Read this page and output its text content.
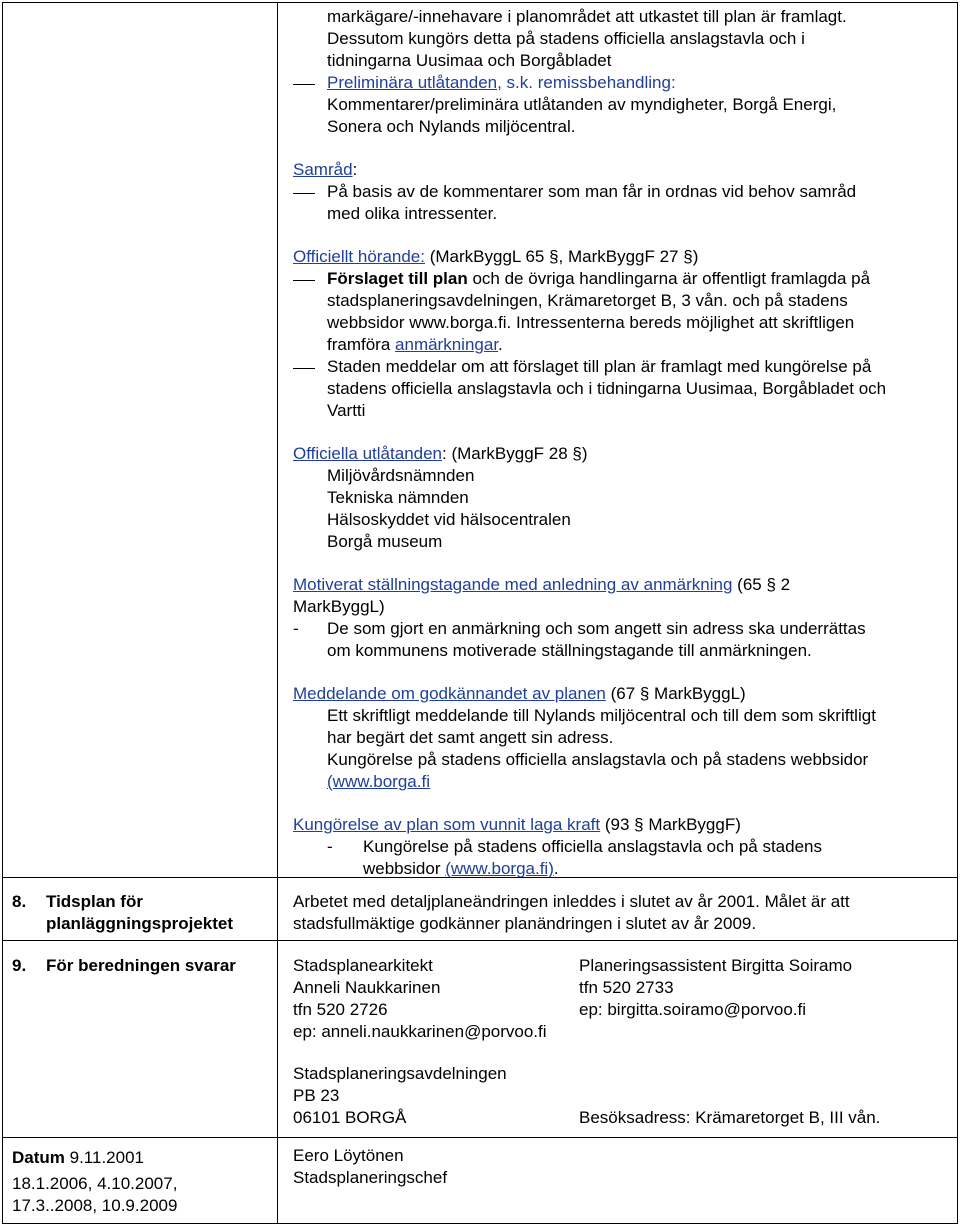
markägare/-innehavare i planområdet att utkastet till plan är framlagt.
Dessutom kungörs detta på stadens officiella anslagstavla och i
tidningarna Uusimaa och Borgåbladet
Preliminära utlåtanden, s.k. remissbehandling:
Kommentarer/preliminära utlåtanden av myndigheter, Borgå Energi,
Sonera och Nylands miljöcentral.
Samråd:
På basis av de kommentarer som man får in ordnas vid behov samråd
med olika intressenter.
Officiellt hörande: (MarkByggL 65 §, MarkByggF 27 §)
Förslaget till plan och de övriga handlingarna är offentligt framlagda på
stadsplaneringsavdelningen, Krämaretorget B, 3 vån. och på stadens
webbsidor www.borga.fi. Intressenterna bereds möjlighet att skriftligen
framföra anmärkningar.
Staden meddelar om att förslaget till plan är framlagt med kungörelse på
stadens officiella anslagstavla och i tidningarna Uusimaa, Borgåbladet och
Vartti
Officiella utlåtanden: (MarkByggF 28 §)
Miljövårdsnämnden
Tekniska nämnden
Hälsoskyddet vid hälsocentralen
Borgå museum
Motiverat ställningstagande med anledning av anmärkning (65 § 2
MarkByggL)
- De som gjort en anmärkning och som angett sin adress ska underrättas
om kommunens motiverade ställningstagande till anmärkningen.
Meddelande om godkännandet av planen (67 § MarkByggL)
Ett skriftligt meddelande till Nylands miljöcentral och till dem som skriftligt
har begärt det samt angett sin adress.
Kungörelse på stadens officiella anslagstavla och på stadens webbsidor
(www.borga.fi
Kungörelse av plan som vunnit laga kraft (93 § MarkByggF)
- Kungörelse på stadens officiella anslagstavla och på stadens
webbsidor (www.borga.fi).
8. Tidsplan för
planläggningsprojektet
Arbetet med detaljplaneändringen inleddes i slutet av år 2001. Målet är att
stadsfullmäktige godkänner planändringen i slutet av år 2009.
9. För beredningen svarar	Stadsplanearkitekt
Anneli Naukkarinen
tfn 520 2726
ep: anneli.naukkarinen@porvoo.fi
Planeringsassistent Birgitta Soiramo
tfn 520 2733
ep: birgitta.soiramo@porvoo.fi
Stadsplaneringsavdelningen
PB 23
06101 BORGÅ	Besöksadress: Krämaretorget B, III vån.
Datum 9.11.2001
18.1.2006, 4.10.2007,
17.3..2008, 10.9.2009
Eero Löytönen
Stadsplaneringschef
